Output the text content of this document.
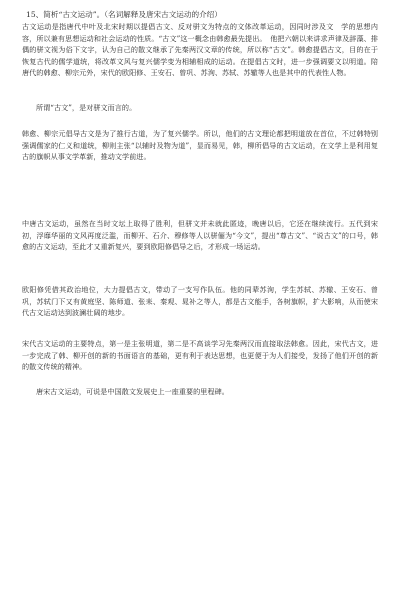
15、简析“古文运动”。（名词解释及唐宋古文运动的介绍）
古文运动是指唐代中叶及北宋时期以提倡古文、反对骈文为特点的文体改革运动，因同时涉及文　学的思想内容，所以兼有思想运动和社会运动的性质。“古文”这一概念由韩愈最先提出。　他把六朝以来讲求声律及辞藻、排偶的骈文视为俗下文字，认为自己的散文继承了先秦两汉文章的传统，所以称“古文”。韩愈提倡古文，目的在于恢复古代的儒学道统，将改革文风与复兴儒学变为相辅相成的运动。在提倡古文时，进一步强调要文以明道。陪唐代的韩愈、柳宗元外，宋代的欧阳修、王安石、曾巩、苏洵、苏轼、苏辙等人也是其中的代表性人物。
所谓“古文”，是对骈文而言的。
韩愈、柳宗元倡导古文是为了推行古道，为了复兴儒学。所以，他们的古文理论都把明道放在首位，不过韩特别强调儒家的仁义和道统，柳则主张“以辅时及物为道”，显而易见，韩，柳所倡导的古文运动，在文学上是利用复古的旗帜从事文学革新，推动文学前进。
中唐古文运动，虽然在当时文坛上取得了胜利，但骈文并未就此匿迹，晚唐以后，它还在继续流行。五代到宋初，浮靡华丽的文风再度泛滥，而柳开、石介、穆修等人以骈俪为“今文”，提出“尊古文”、“说古文”的口号，韩愈的古文运动，至此才又重新复兴，要到欧阳修倡导之后，才形成一场运动。
欧阳修凭借其政治地位，大力提倡古文，带动了一支写作队伍。他的同辈苏洵，学生苏轼、苏辙、王安石、曾巩，苏轼门下又有黄庭坚、陈师道、张耒、秦观、晁补之等人，都是古文能手，各树旗帜，扩大影响，从而使宋代古文运动达到波澜壮阔的地步。
宋代古文运动的主要特点，第一是主张明道，第二是不高谈学习先秦两汉而直接取法韩愈。因此，宋代古文，进一步完成了韩、柳开创的新的书面语言的基础，更有利于表达思想，也更便于为人们接受，发扬了他们开创的新的散文传统的精神。
唐宋古文运动，可说是中国散文发展史上一座重要的里程碑。
